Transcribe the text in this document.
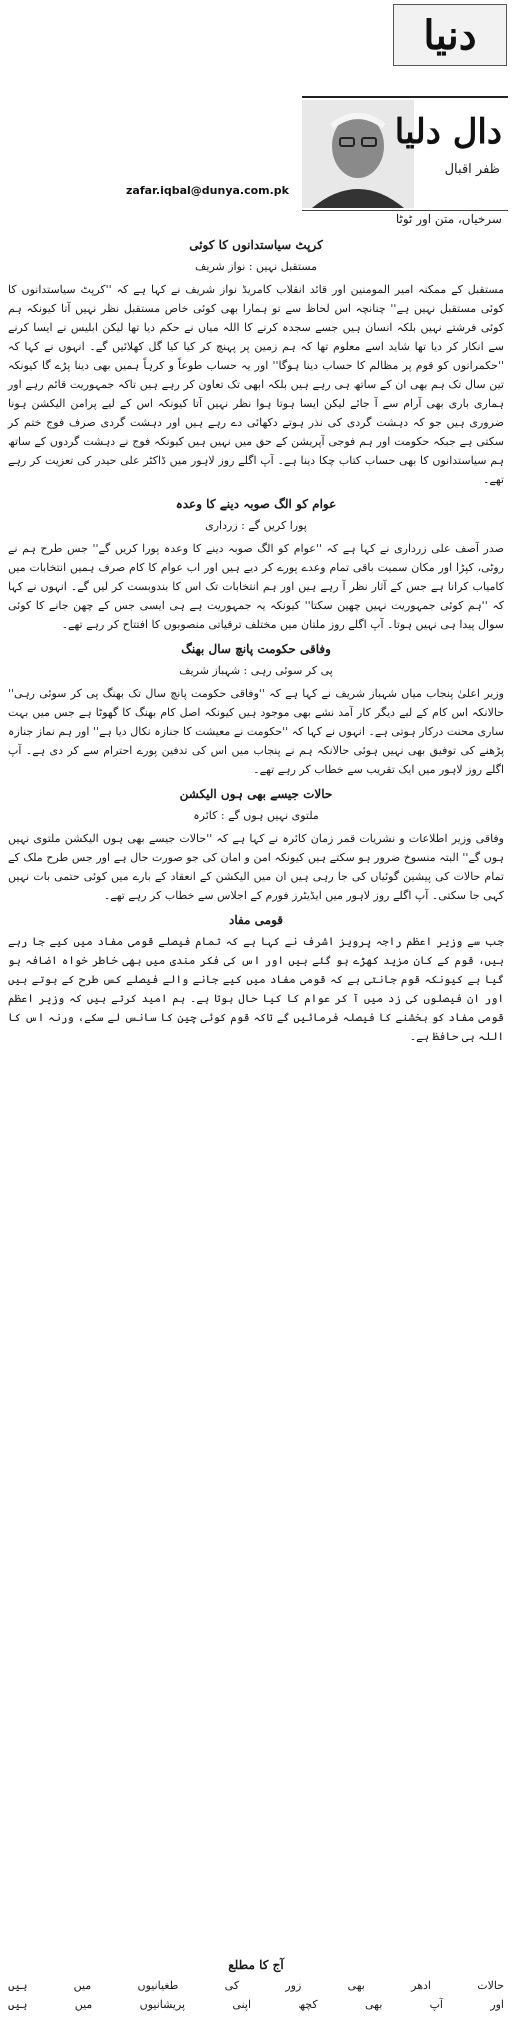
دنیا
دال دلیا
ظفر اقبال
zafar.iqbal@dunya.com.pk
سرخیاں، متن اور ٹوٹا
کرپٹ سیاستدانوں کا کوئی
مستقبل نہیں : نواز شریف

مستقبل کے ممکنہ امیر المومنین اور قائد انقلاب کامریڈ نواز شریف نے کہا ہے کہ ''کرپٹ سیاستدانوں کا کوئی مستقبل نہیں ہے'' چنانچہ اس لحاظ سے تو ہمارا بھی کوئی خاص مستقبل نظر نہیں آتا کیونکہ ہم کوئی فرشتے نہیں بلکہ انسان ہیں جسے سجدہ کرنے کا اللہ میاں نے حکم دیا تھا لیکن ابلیس نے ایسا کرنے سے انکار کر دیا تھا شاید اسے معلوم تھا کہ ہم زمین پر پہنچ کر کیا کیا گل کھلائیں گے۔ انہوں نے کہا کہ ''حکمرانوں کو قوم پر مظالم کا حساب دینا ہوگا'' اور یہ حساب طوعاً و کرہاً ہمیں بھی دینا پڑے گا کیونکہ تین سال تک ہم بھی ان کے ساتھ ہی رہے ہیں بلکہ ابھی تک تعاون کر رہے ہیں تاکہ جمہوریت قائم رہے اور ہماری باری بھی آرام سے آ جائے لیکن ایسا ہوتا ہوا نظر نہیں آتا کیونکہ اس کے لیے پرامن الیکشن ہونا ضروری ہیں جو کہ دہشت گردی کی نذر ہوتے دکھائی دے رہے ہیں اور دہشت گردی صرف فوج ختم کر سکتی ہے جبکہ حکومت اور ہم فوجی آپریشن کے حق میں نہیں ہیں کیونکہ فوج نے دہشت گردوں کے ساتھ ہم سیاستدانوں کا بھی حساب کتاب چکا دینا ہے۔ آپ اگلے روز لاہور میں ڈاکٹر علی حیدر کی تعزیت کر رہے تھے۔

عوام کو الگ صوبہ دینے کا وعدہ
پورا کریں گے : زرداری

صدر آصف علی زرداری نے کہا ہے کہ ''عوام کو الگ صوبہ دینے کا وعدہ پورا کریں گے'' جس طرح ہم نے روٹی، کپڑا اور مکان سمیت باقی تمام وعدے پورے کر دیے ہیں اور اب عوام کا کام صرف ہمیں انتخابات میں کامیاب کرانا ہے جس کے آثار نظر آ رہے ہیں اور ہم انتخابات تک اس کا بندوبست کر لیں گے۔ انہوں نے کہا کہ ''ہم کوئی جمہوریت نہیں چھین سکتا'' کیونکہ یہ جمہوریت ہے ہی ایسی جس کے چھن جانے کا کوئی سوال پیدا ہی نہیں ہوتا۔ آپ اگلے روز ملتان میں مختلف ترقیاتی منصوبوں کا افتتاح کر رہے تھے۔

وفاقی حکومت پانچ سال بھنگ
پی کر سوئی رہی : شہباز شریف

وزیر اعلیٰ پنجاب میاں شہباز شریف نے کہا ہے کہ ''وفاقی حکومت پانچ سال تک بھنگ پی کر سوئی رہی'' حالانکہ اس کام کے لیے دیگر کار آمد نشے بھی موجود ہیں کیونکہ اصل کام بھنگ کا گھوٹا ہے جس میں بہت ساری محنت درکار ہوتی ہے۔ انہوں نے کہا کہ ''حکومت نے معیشت کا جنازہ نکال دیا ہے'' اور ہم نماز جنازہ پڑھنے کی توفیق بھی نہیں ہوئی حالانکہ ہم نے پنجاب میں اس کی تدفین پورے احترام سے کر دی ہے۔ آپ اگلے روز لاہور میں ایک تقریب سے خطاب کر رہے تھے۔

حالات جیسے بھی ہوں الیکشن
ملتوی نہیں ہوں گے : کائرہ

وفاقی وزیر اطلاعات و نشریات قمر زمان کائرہ نے کہا ہے کہ ''حالات جیسے بھی ہوں الیکشن ملتوی نہیں ہوں گے'' البتہ منسوخ ضرور ہو سکتے ہیں کیونکہ امن و امان کی جو صورت حال ہے اور جس طرح ملک کے تمام حالات کی پیشین گوئیاں کی جا رہی ہیں ان میں الیکشن کے انعقاد کے بارے میں کوئی حتمی بات نہیں کہی جا سکتی۔ آپ اگلے روز لاہور میں ایڈیٹرز فورم کے اجلاس سے خطاب کر رہے تھے۔

قومی مفاد

جب سے وزیر اعظم راجہ پرویز اشرف نے کہا ہے کہ تمام فیصلے قومی مفاد میں کیے جا رہے ہیں، قوم کے کان مزید کھڑے ہو گئے ہیں اور اس کی فکر مندی میں بھی خاطر خواہ اضافہ ہو گیا ہے کیونکہ قوم جانتی ہے کہ قومی مفاد میں کیے جانے والے فیصلے کس طرح کے ہوتے ہیں اور ان فیصلوں کی زد میں آ کر عوام کا کیا حال ہوتا ہے۔ ہم امید کرتے ہیں کہ وزیر اعظم قومی مفاد کو بخشنے کا فیصلہ فرمائیں گے تاکہ قوم کوئی چین کا سانس لے سکے، ورنہ اس کا اللہ ہی حافظ ہے۔

آج کا مطلع
حالات
ادھر
بھی
زور
کی
طغیانیوں
میں
ہیں
اور
آپ
بھی
کچھ
اپنی
پریشانیوں
میں
ہیں
